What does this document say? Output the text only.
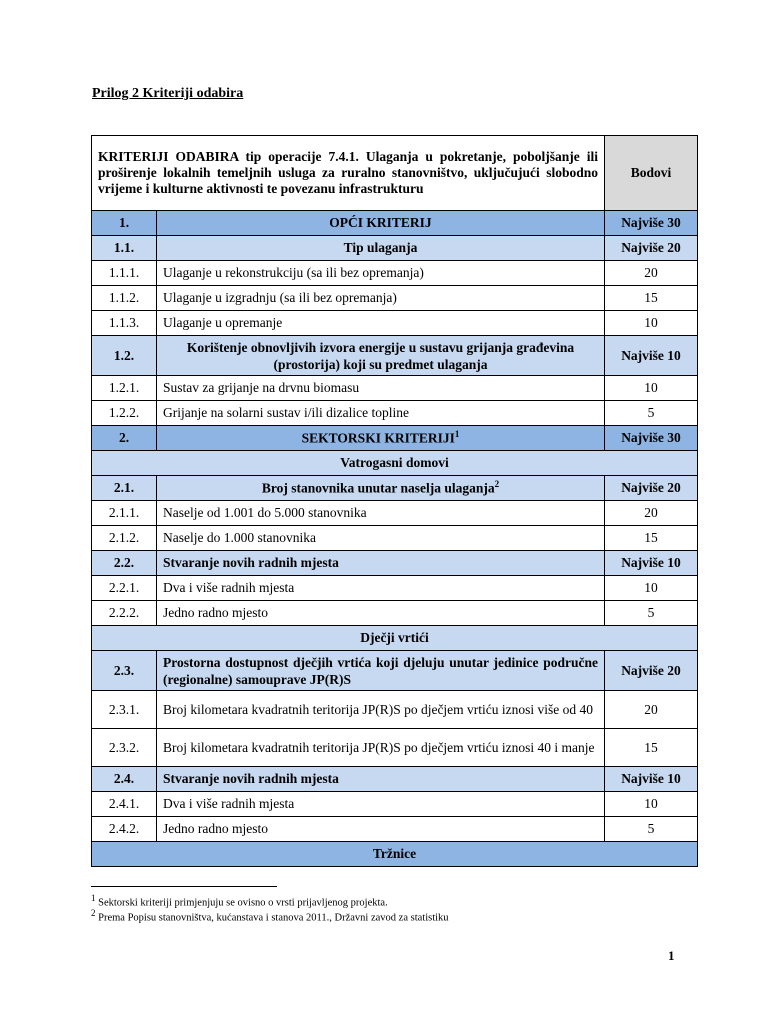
Prilog 2 Kriteriji odabira
KRITERIJI ODABIRA tip operacije 7.4.1. Ulaganja u pokretanje, poboljšanje ili proširenje lokalnih temeljnih usluga za ruralno stanovništvo, uključujući slobodno vrijeme i kulturne aktivnosti te povezanu infrastrukturu		Bodovi
1.	OPĆI KRITERIJ	Najviše 30
1.1.	Tip ulaganja	Najviše 20
1.1.1.	Ulaganje u rekonstrukciju (sa ili bez opremanja)	20
1.1.2.	Ulaganje u izgradnju (sa ili bez opremanja)	15
1.1.3.	Ulaganje u opremanje	10
1.2.	Korištenje obnovljivih izvora energije u sustavu grijanja građevina (prostorija) koji su predmet ulaganja	Najviše 10
1.2.1.	Sustav za grijanje na drvnu biomasu	10
1.2.2.	Grijanje na solarni sustav i/ili dizalice topline	5
2.	SEKTORSKI KRITERIJI$^1$	Najviše 30
Vatrogasni domovi		
2.1.	Broj stanovnika unutar naselja ulaganja$^2$	Najviše 20
2.1.1.	Naselje od 1.001 do 5.000 stanovnika	20
2.1.2.	Naselje do 1.000 stanovnika	15
2.2.	Stvaranje novih radnih mjesta	Najviše 10
2.2.1.	Dva i više radnih mjesta	10
2.2.2.	Jedno radno mjesto	5
Dječji vrtići		
2.3.	Prostorna dostupnost dječjih vrtića koji djeluju unutar jedinice područne (regionalne) samouprave JP(R)S	Najviše 20
2.3.1.	Broj kilometara kvadratnih teritorija JP(R)S po dječjem vrtiću iznosi više od 40	20
2.3.2.	Broj kilometara kvadratnih teritorija JP(R)S po dječjem vrtiću iznosi 40 i manje	15
2.4.	Stvaranje novih radnih mjesta	Najviše 10
2.4.1.	Dva i više radnih mjesta	10
2.4.2.	Jedno radno mjesto	5
Tržnice		
$^1$ Sektorski kriteriji primjenjuju se ovisno o vrsti prijavljenog projekta.
$^2$ Prema Popisu stanovništva, kućanstava i stanova 2011., Državni zavod za statistiku
1
